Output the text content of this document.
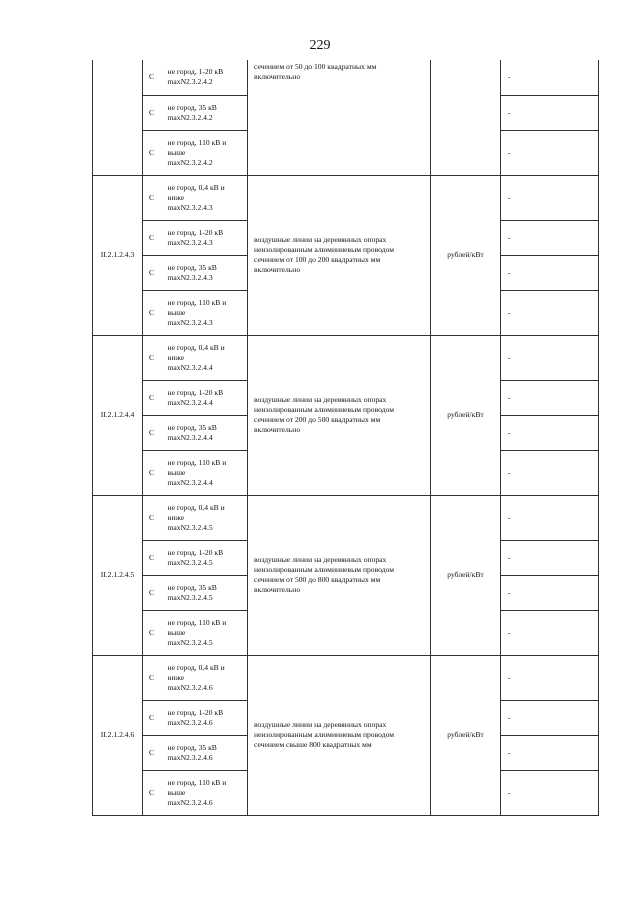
229
	С	не город, 1-20 кВ
maxN2.3.2.4.2	сечением от 50 до 100 квадратных мм
включительно		-
	С	не город, 35 кВ
maxN2.3.2.4.2			-
	С	не город, 110 кВ и
выше
maxN2.3.2.4.2			-
II.2.1.2.4.3	С	не город, 0,4 кВ и
ниже
maxN2.3.2.4.3	воздушные линии на деревянных опорах
неизолированным алюминиевым проводом
сечением от 100 до 200 квадратных мм
включительно	рублей/кВт	-
	С	не город, 1-20 кВ
maxN2.3.2.4.3			-
	С	не город, 35 кВ
maxN2.3.2.4.3			-
	С	не город, 110 кВ и
выше
maxN2.3.2.4.3			-
II.2.1.2.4.4	С	не город, 0,4 кВ и
ниже
maxN2.3.2.4.4	воздушные линии на деревянных опорах
неизолированным алюминиевым проводом
сечением от 200 до 500 квадратных мм
включительно	рублей/кВт	-
	С	не город, 1-20 кВ
maxN2.3.2.4.4			-
	С	не город, 35 кВ
maxN2.3.2.4.4			-
	С	не город, 110 кВ и
выше
maxN2.3.2.4.4			-
II.2.1.2.4.5	С	не город, 0,4 кВ и
ниже
maxN2.3.2.4.5	воздушные линии на деревянных опорах
неизолированным алюминиевым проводом
сечением от 500 до 800 квадратных мм
включительно	рублей/кВт	-
	С	не город, 1-20 кВ
maxN2.3.2.4.5			-
	С	не город, 35 кВ
maxN2.3.2.4.5			-
	С	не город, 110 кВ и
выше
maxN2.3.2.4.5			-
II.2.1.2.4.6	С	не город, 0,4 кВ и
ниже
maxN2.3.2.4.6	воздушные линии на деревянных опорах
неизолированным алюминиевым проводом
сечением свыше 800 квадратных мм	рублей/кВт	-
	С	не город, 1-20 кВ
maxN2.3.2.4.6			-
	С	не город, 35 кВ
maxN2.3.2.4.6			-
	С	не город, 110 кВ и
выше
maxN2.3.2.4.6			-
